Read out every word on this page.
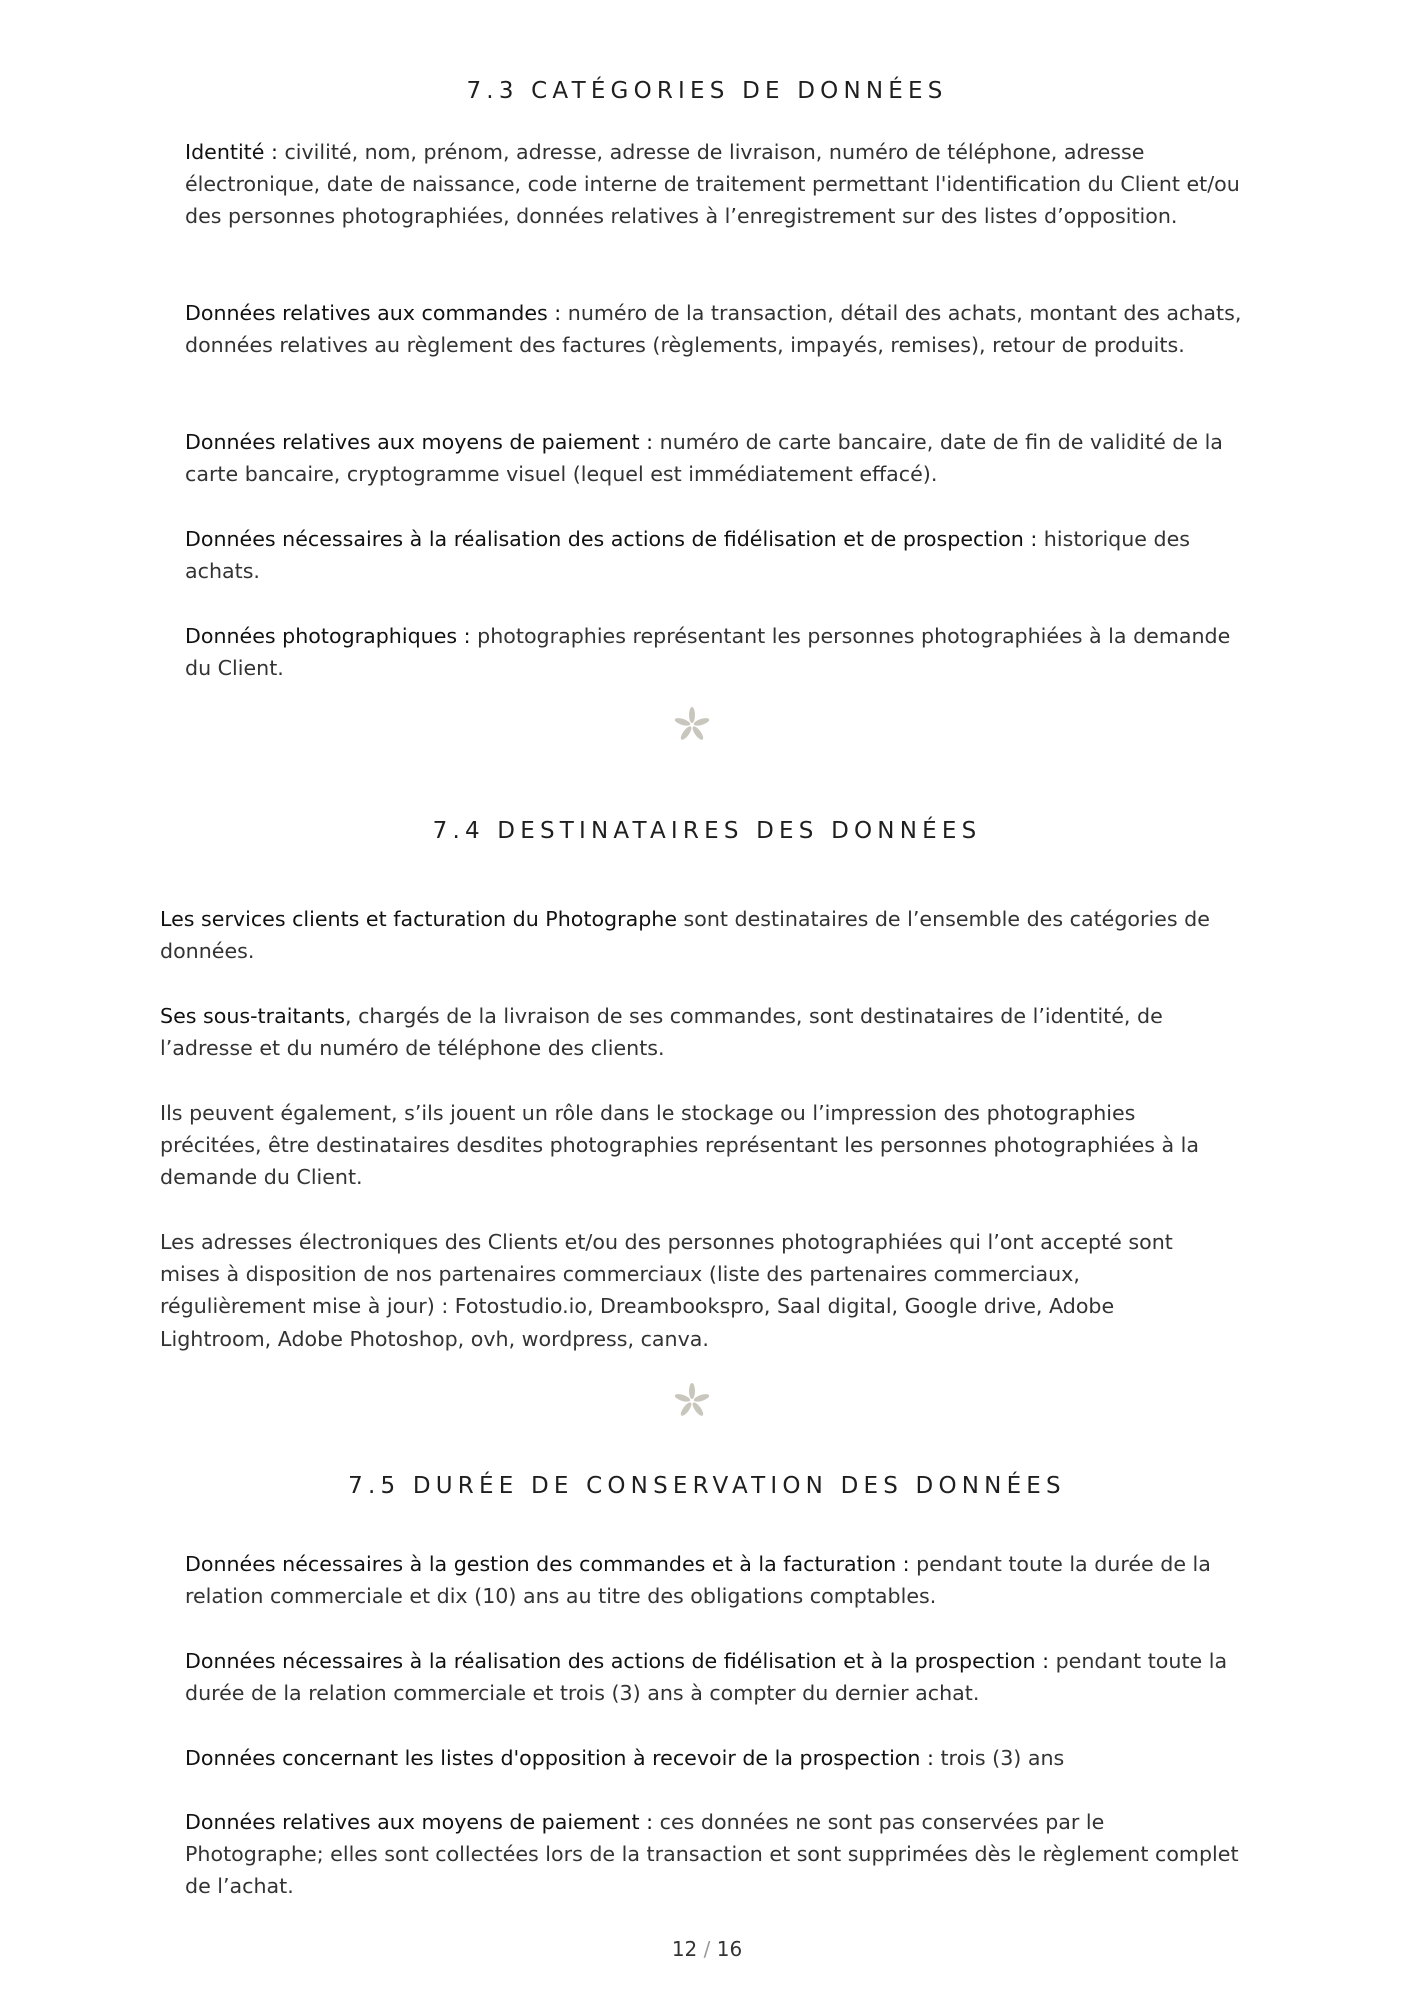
7.3 CATÉGORIES DE DONNÉES

Identité : civilité, nom, prénom, adresse, adresse de livraison, numéro de téléphone, adresse électronique, date de naissance, code interne de traitement permettant l'identification du Client et/ou des personnes photographiées, données relatives à l’enregistrement sur des listes d’opposition.

Données relatives aux commandes : numéro de la transaction, détail des achats, montant des achats, données relatives au règlement des factures (règlements, impayés, remises), retour de produits.

Données relatives aux moyens de paiement : numéro de carte bancaire, date de fin de validité de la carte bancaire, cryptogramme visuel (lequel est immédiatement effacé).

Données nécessaires à la réalisation des actions de fidélisation et de prospection : historique des achats.

Données photographiques : photographies représentant les personnes photographiées à la demande du Client.

7.4 DESTINATAIRES DES DONNÉES

Les services clients et facturation du Photographe sont destinataires de l’ensemble des catégories de données.

Ses sous-traitants, chargés de la livraison de ses commandes, sont destinataires de l’identité, de l’adresse et du numéro de téléphone des clients.

Ils peuvent également, s’ils jouent un rôle dans le stockage ou l’impression des photographies précitées, être destinataires desdites photographies représentant les personnes photographiées à la demande du Client.

Les adresses électroniques des Clients et/ou des personnes photographiées qui l’ont accepté sont mises à disposition de nos partenaires commerciaux (liste des partenaires commerciaux, régulièrement mise à jour) : Fotostudio.io, Dreambookspro, Saal digital, Google drive, Adobe Lightroom, Adobe Photoshop, ovh, wordpress, canva.

7.5 DURÉE DE CONSERVATION DES DONNÉES

Données nécessaires à la gestion des commandes et à la facturation : pendant toute la durée de la relation commerciale et dix (10) ans au titre des obligations comptables.

Données nécessaires à la réalisation des actions de fidélisation et à la prospection : pendant toute la durée de la relation commerciale et trois (3) ans à compter du dernier achat.

Données concernant les listes d'opposition à recevoir de la prospection : trois (3) ans

Données relatives aux moyens de paiement : ces données ne sont pas conservées par le Photographe; elles sont collectées lors de la transaction et sont supprimées dès le règlement complet de l’achat.

12 / 16
